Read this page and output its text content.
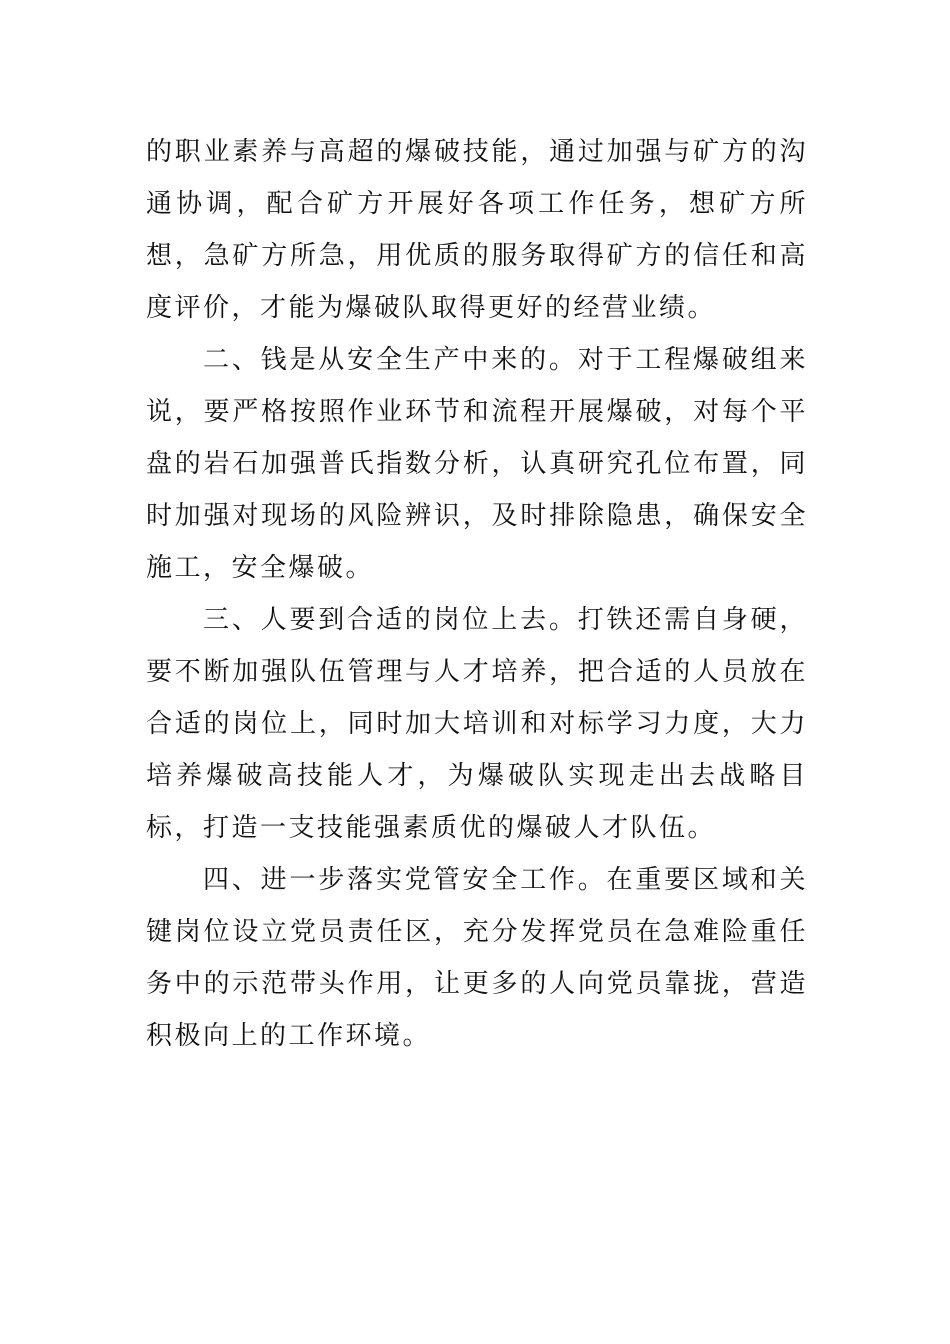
的职业素养与高超的爆破技能，通过加强与矿方的沟通协调，配合矿方开展好各项工作任务，想矿方所想，急矿方所急，用优质的服务取得矿方的信任和高度评价，才能为爆破队取得更好的经营业绩。

二、钱是从安全生产中来的。对于工程爆破组来说，要严格按照作业环节和流程开展爆破，对每个平盘的岩石加强普氏指数分析，认真研究孔位布置，同时加强对现场的风险辨识，及时排除隐患，确保安全施工，安全爆破。

三、人要到合适的岗位上去。打铁还需自身硬，要不断加强队伍管理与人才培养，把合适的人员放在合适的岗位上，同时加大培训和对标学习力度，大力培养爆破高技能人才，为爆破队实现走出去战略目标，打造一支技能强素质优的爆破人才队伍。

四、进一步落实党管安全工作。在重要区域和关键岗位设立党员责任区，充分发挥党员在急难险重任务中的示范带头作用，让更多的人向党员靠拢，营造积极向上的工作环境。
